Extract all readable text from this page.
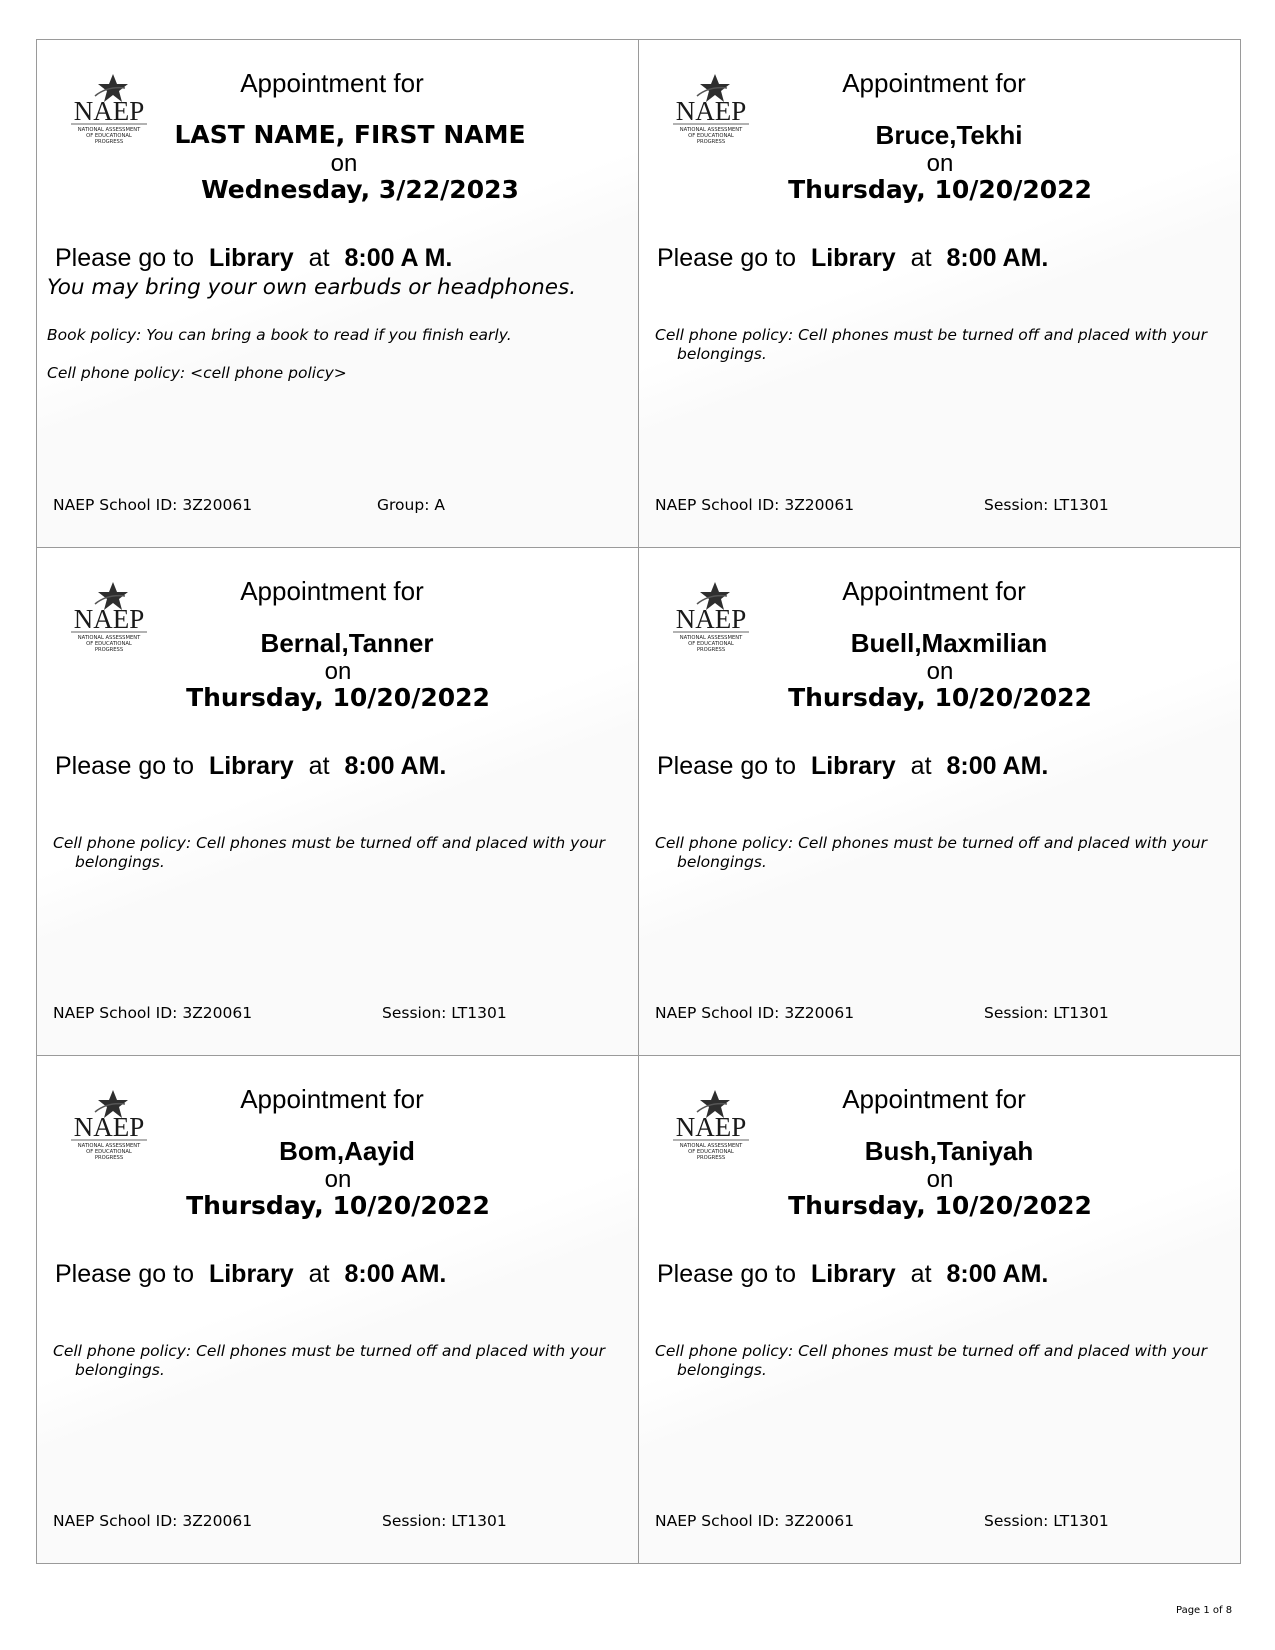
NAEP
NATIONAL ASSESSMENT
OF EDUCATIONAL
PROGRESS
Appointment for
LAST NAME, FIRST NAME
on
Wednesday, 3/22/2023
Please go to Library at 8:00 A M.
You may bring your own earbuds or headphones.
Book policy: You can bring a book to read if you finish early.
Cell phone policy: <cell phone policy>
NAEP School ID: 3Z20061	Group: A
NAEP
NATIONAL ASSESSMENT
OF EDUCATIONAL
PROGRESS
Appointment for
Bruce,Tekhi
on
Thursday, 10/20/2022
Please go to Library at 8:00 AM.
Cell phone policy: Cell phones must be turned off and placed with your belongings.
NAEP School ID: 3Z20061	Session: LT1301
NAEP
NATIONAL ASSESSMENT
OF EDUCATIONAL
PROGRESS
Appointment for
Bernal,Tanner
on
Thursday, 10/20/2022
Please go to Library at 8:00 AM.
Cell phone policy: Cell phones must be turned off and placed with your belongings.
NAEP School ID: 3Z20061	Session: LT1301
NAEP
NATIONAL ASSESSMENT
OF EDUCATIONAL
PROGRESS
Appointment for
Buell,Maxmilian
on
Thursday, 10/20/2022
Please go to Library at 8:00 AM.
Cell phone policy: Cell phones must be turned off and placed with your belongings.
NAEP School ID: 3Z20061	Session: LT1301
NAEP
NATIONAL ASSESSMENT
OF EDUCATIONAL
PROGRESS
Appointment for
Bom,Aayid
on
Thursday, 10/20/2022
Please go to Library at 8:00 AM.
Cell phone policy: Cell phones must be turned off and placed with your belongings.
NAEP School ID: 3Z20061	Session: LT1301
NAEP
NATIONAL ASSESSMENT
OF EDUCATIONAL
PROGRESS
Appointment for
Bush,Taniyah
on
Thursday, 10/20/2022
Please go to Library at 8:00 AM.
Cell phone policy: Cell phones must be turned off and placed with your belongings.
NAEP School ID: 3Z20061	Session: LT1301
Page 1 of 8
